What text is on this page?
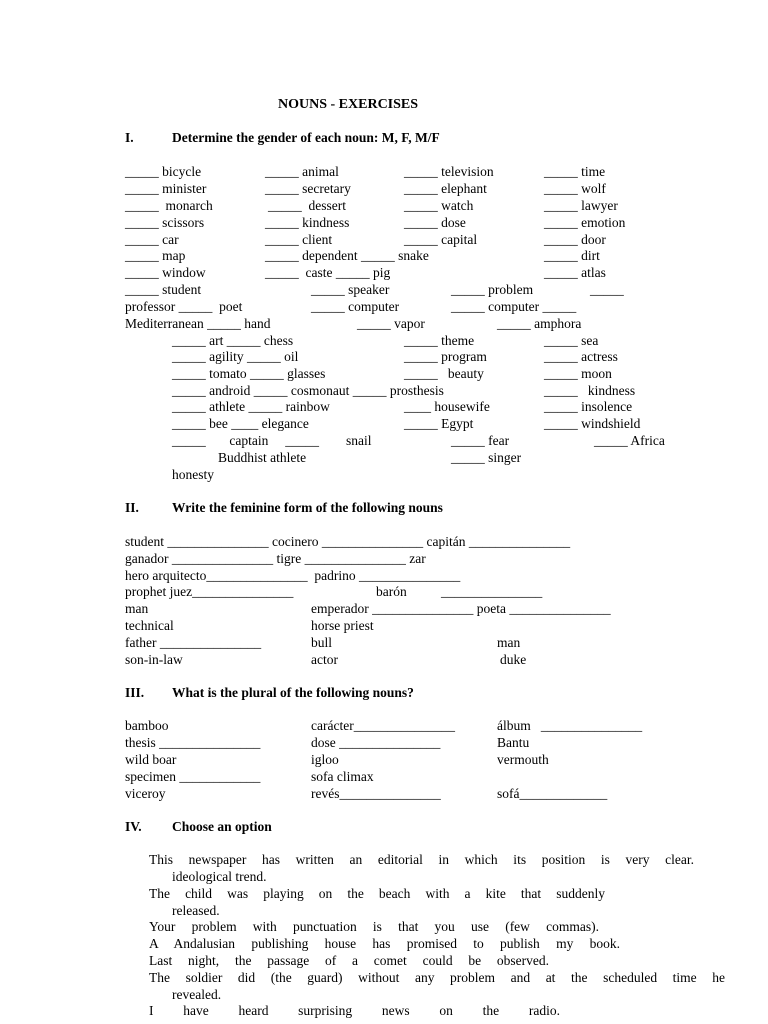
NOUNS - EXERCISES
I.	Determine the gender of each noun: M, F, M/F
_____ bicycle	_____ animal	_____ television	_____ time
_____ minister	_____ secretary	_____ elephant	_____ wolf
_____  monarch	_____  dessert	_____ watch	_____ lawyer
_____ scissors	_____ kindness	_____ dose	_____ emotion
_____ car	_____ client	_____ capital	_____ door
_____ map	_____ dependent _____ snake	_____ dirt
_____ window	_____  caste _____ pig	_____ atlas
_____ student	_____ speaker	_____ problem	_____
professor _____  poet	_____ computer	_____ computer _____
Mediterranean _____ hand	_____ vapor	_____ amphora
_____ art _____ chess	_____ theme	_____ sea
_____ agility _____ oil	_____ program	_____ actress
_____ tomato _____ glasses	_____   beauty	_____ moon
_____ android _____ cosmonaut _____ prosthesis	_____   kindness
_____ athlete _____ rainbow	____ housewife	_____ insolence
_____ bee ____ elegance	_____ Egypt	_____ windshield
_____       captain     _____        snail	_____ fear	_____ Africa
Buddhist athlete	_____ singer
honesty
II. Write the feminine form of the following nouns
student _______________ cocinero _______________ capitán _______________
ganador _______________ tigre _______________ zar
hero arquitecto_______________  padrino _______________
prophet juez_______________	barón	_______________
man	emperador _______________ poeta _______________
technical	horse priest
father _______________	bull	man
son-in-law	actor	duke
III. What is the plural of the following nouns?
bamboo	carácter_______________	álbum   _______________
thesis _______________	dose _______________	Bantu
wild boar	igloo	vermouth
specimen ____________	sofa climax
viceroy	revés_______________	sofá_____________
IV. Choose an option
This newspaper has written an editorial in which its position is very clear.
ideological trend.
The child was playing on the beach with a kite that suddenly
released.
Your problem with punctuation is that you use (few commas).
A Andalusian publishing house has promised to publish my book.
Last night, the passage of a comet could be observed.
The soldier did (the guard) without any problem and at the scheduled time he
revealed.
I have heard surprising news on the radio.
